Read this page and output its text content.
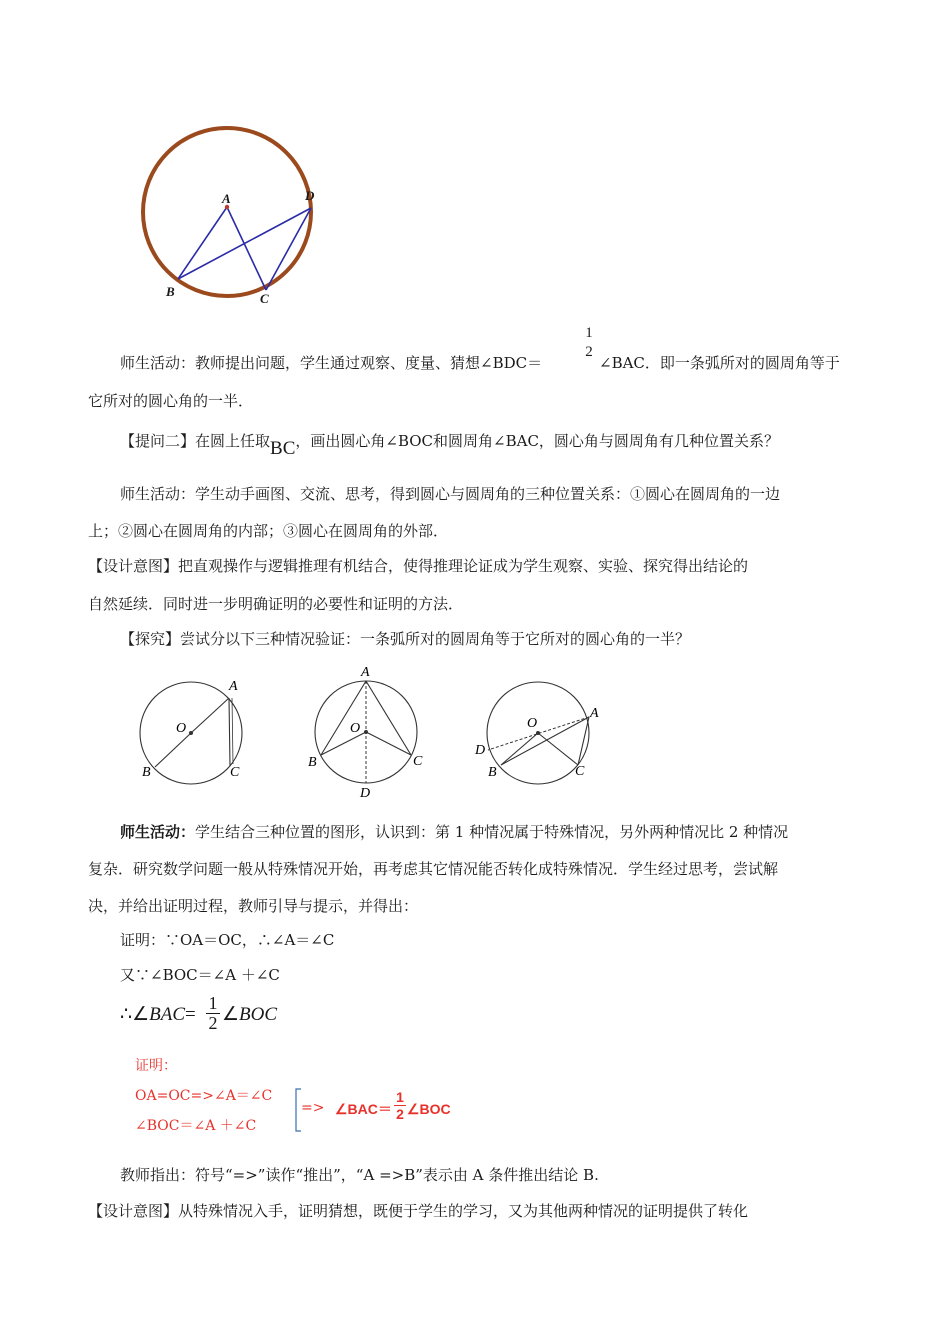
A
B	C
D
师生活动：教师提出问题，学生通过观察、度量、猜想∠BDC＝
1
2
∠BAC．即一条弧所对的圆周角等于
它所对的圆心角的一半．
【提问二】在圆上任取BC，画出圆心角∠BOC和圆周角∠BAC，圆心角与圆周角有几种位置关系？
师生活动：学生动手画图、交流、思考，得到圆心与圆周角的三种位置关系：①圆心在圆周角的一边
上；②圆心在圆周角的内部；③圆心在圆周角的外部．
【设计意图】把直观操作与逻辑推理有机结合，使得推理论证成为学生观察、实验、探究得出结论的
自然延续．同时进一步明确证明的必要性和证明的方法．
【探究】尝试分以下三种情况验证：一条弧所对的圆周角等于它所对的圆心角的一半？
O
A
B	C
O
A
B	C
D
O
A
B	C
D
师生活动：学生结合三种位置的图形，认识到：第 1 种情况属于特殊情况，另外两种情况比 2 种情况
复杂．研究数学问题一般从特殊情况开始，再考虑其它情况能否转化成特殊情况．学生经过思考，尝试解
决，并给出证明过程，教师引导与提示，并得出：
证明：∵OA＝OC，∴∠A＝∠C
又∵∠BOC＝∠A ＋∠C
∴∠BAC=
1
2 ∠BOC
证明：
OA=OC=>∠A＝∠C
∠BOC＝∠A ＋∠C
=> ∠BAC＝
1
2 ∠BOC
教师指出：符号“=>”读作“推出”，“A =>B”表示由 A 条件推出结论 B.
【设计意图】从特殊情况入手，证明猜想，既便于学生的学习，又为其他两种情况的证明提供了转化
